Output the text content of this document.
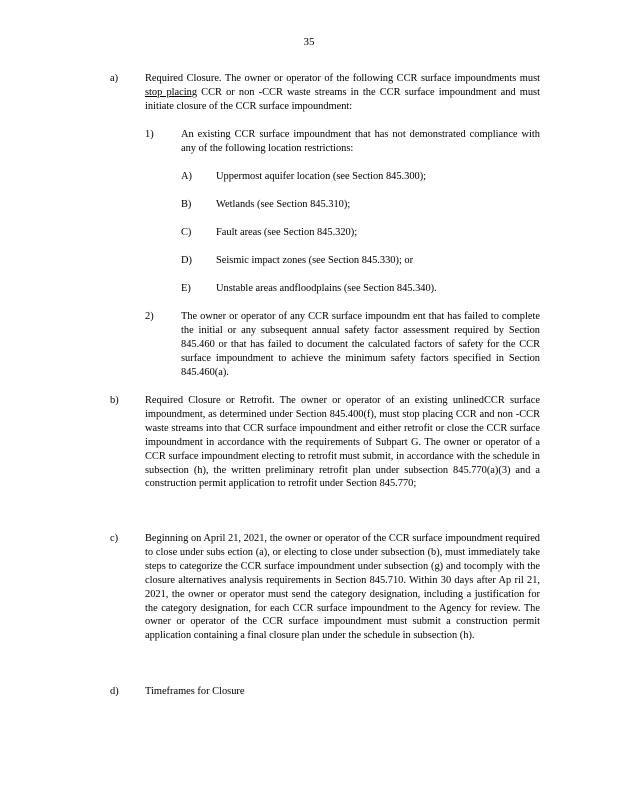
35
a)	Required Closure. The owner or operator of the following CCR surface impoundments must stop placing CCR or non -CCR waste streams in the CCR surface impoundment and must initiate closure of the CCR surface impoundment:
1)	An existing CCR surface impoundment that has not demonstrated compliance with any of the following location restrictions:
A) Uppermost aquifer location (see Section 845.300);
B) Wetlands (see Section 845.310);
C) Fault areas (see Section 845.320);
D) Seismic impact zones (see Section 845.330); or
E) Unstable areas andfloodplains (see Section 845.340).
2)	The owner or operator of any CCR surface impoundm ent that has failed to complete the initial or any subsequent annual safety factor assessment required by Section 845.460 or that has failed to document the calculated factors of safety for the CCR surface impoundment to achieve the minimum safety factors specified in Section 845.460(a).
b)	Required Closure or Retrofit. The owner or operator of an existing unlinedCCR surface impoundment, as determined under Section 845.400(f), must stop placing CCR and non -CCR waste streams into that CCR surface impoundment and either retrofit or close the CCR surface impoundment in accordance with the requirements of Subpart G. The owner or operator of a CCR surface impoundment electing to retrofit must submit, in accordance with the schedule in subsection (h), the written preliminary retrofit plan under subsection 845.770(a)(3) and a construction permit application to retrofit under Section 845.770;
c)	Beginning on April 21, 2021, the owner or operator of the CCR surface impoundment required to close under subs ection (a), or electing to close under subsection (b), must immediately take steps to categorize the CCR surface impoundment under subsection (g) and tocomply with the closure alternatives analysis requirements in Section 845.710. Within 30 days after Ap ril 21, 2021, the owner or operator must send the category designation, including a justification for the category designation, for each CCR surface impoundment to the Agency for review. The owner or operator of the CCR surface impoundment must submit a construction permit application containing a final closure plan under the schedule in subsection (h).
d)	Timeframes for Closure
